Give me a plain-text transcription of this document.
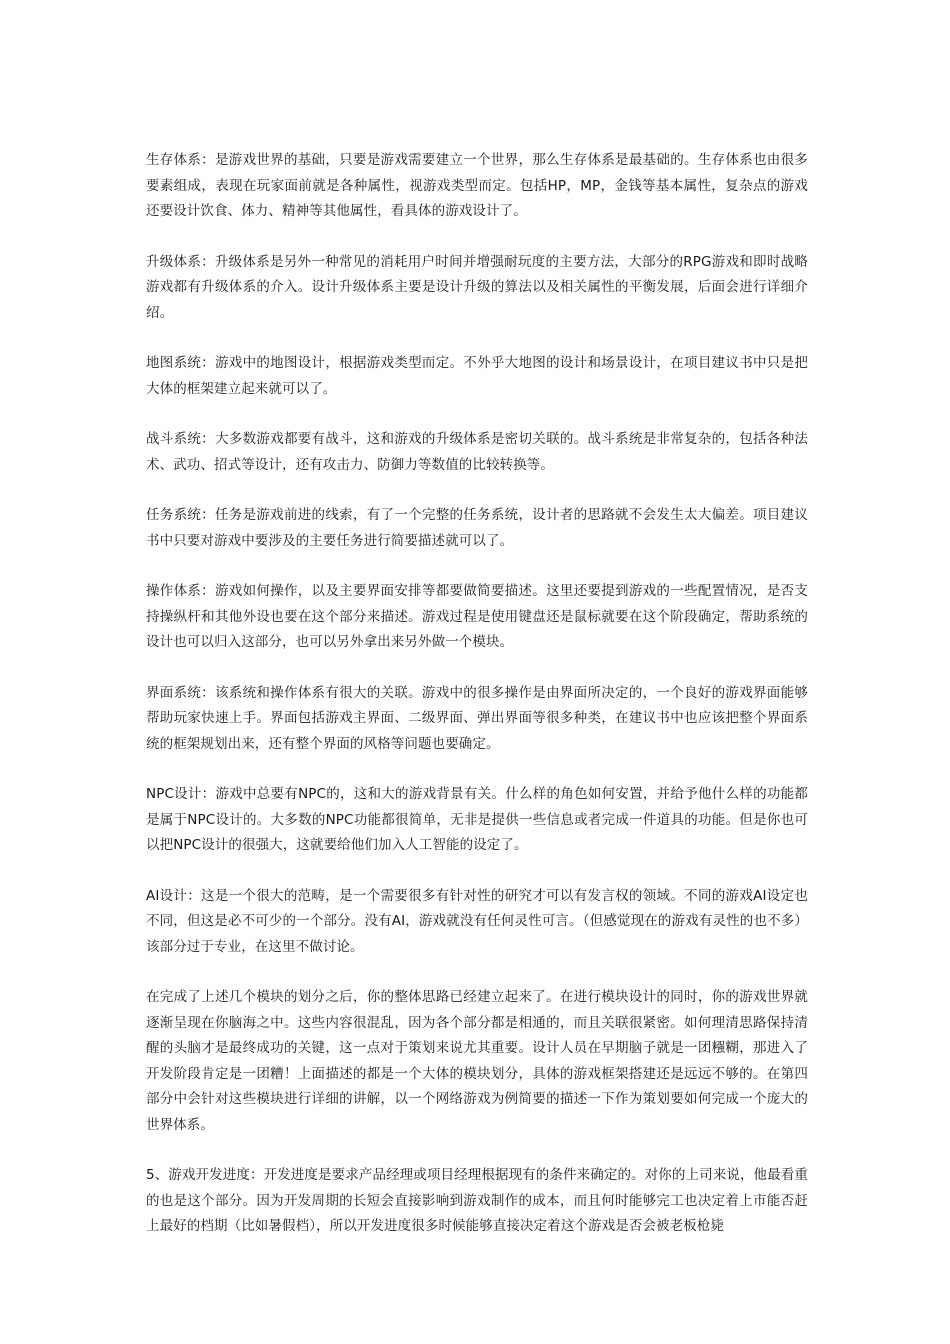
生存体系：是游戏世界的基础，只要是游戏需要建立一个世界，那么生存体系是最基础的。生存体系也由很多要素组成，表现在玩家面前就是各种属性，视游戏类型而定。包括HP，MP，金钱等基本属性，复杂点的游戏还要设计饮食、体力、精神等其他属性，看具体的游戏设计了。

升级体系：升级体系是另外一种常见的消耗用户时间并增强耐玩度的主要方法，大部分的RPG游戏和即时战略游戏都有升级体系的介入。设计升级体系主要是设计升级的算法以及相关属性的平衡发展，后面会进行详细介绍。

地图系统：游戏中的地图设计，根据游戏类型而定。不外乎大地图的设计和场景设计，在项目建议书中只是把大体的框架建立起来就可以了。

战斗系统：大多数游戏都要有战斗，这和游戏的升级体系是密切关联的。战斗系统是非常复杂的，包括各种法术、武功、招式等设计，还有攻击力、防御力等数值的比较转换等。

任务系统：任务是游戏前进的线索，有了一个完整的任务系统，设计者的思路就不会发生太大偏差。项目建议书中只要对游戏中要涉及的主要任务进行简要描述就可以了。

操作体系：游戏如何操作，以及主要界面安排等都要做简要描述。这里还要提到游戏的一些配置情况，是否支持操纵杆和其他外设也要在这个部分来描述。游戏过程是使用键盘还是鼠标就要在这个阶段确定，帮助系统的设计也可以归入这部分，也可以另外拿出来另外做一个模块。

界面系统：该系统和操作体系有很大的关联。游戏中的很多操作是由界面所决定的，一个良好的游戏界面能够帮助玩家快速上手。界面包括游戏主界面、二级界面、弹出界面等很多种类，在建议书中也应该把整个界面系统的框架规划出来，还有整个界面的风格等问题也要确定。

NPC设计：游戏中总要有NPC的，这和大的游戏背景有关。什么样的角色如何安置，并给予他什么样的功能都是属于NPC设计的。大多数的NPC功能都很简单，无非是提供一些信息或者完成一件道具的功能。但是你也可以把NPC设计的很强大，这就要给他们加入人工智能的设定了。

AI设计：这是一个很大的范畴，是一个需要很多有针对性的研究才可以有发言权的领域。不同的游戏AI设定也不同，但这是必不可少的一个部分。没有AI，游戏就没有任何灵性可言。（但感觉现在的游戏有灵性的也不多）该部分过于专业，在这里不做讨论。

在完成了上述几个模块的划分之后，你的整体思路已经建立起来了。在进行模块设计的同时，你的游戏世界就逐渐呈现在你脑海之中。这些内容很混乱，因为各个部分都是相通的，而且关联很紧密。如何理清思路保持清醒的头脑才是最终成功的关键，这一点对于策划来说尤其重要。设计人员在早期脑子就是一团糨糊，那进入了开发阶段肯定是一团糟！上面描述的都是一个大体的模块划分，具体的游戏框架搭建还是远远不够的。在第四部分中会针对这些模块进行详细的讲解，以一个网络游戏为例简要的描述一下作为策划要如何完成一个庞大的世界体系。

5、游戏开发进度：开发进度是要求产品经理或项目经理根据现有的条件来确定的。对你的上司来说，他最看重的也是这个部分。因为开发周期的长短会直接影响到游戏制作的成本，而且何时能够完工也决定着上市能否赶上最好的档期（比如暑假档），所以开发进度很多时候能够直接决定着这个游戏是否会被老板枪毙
